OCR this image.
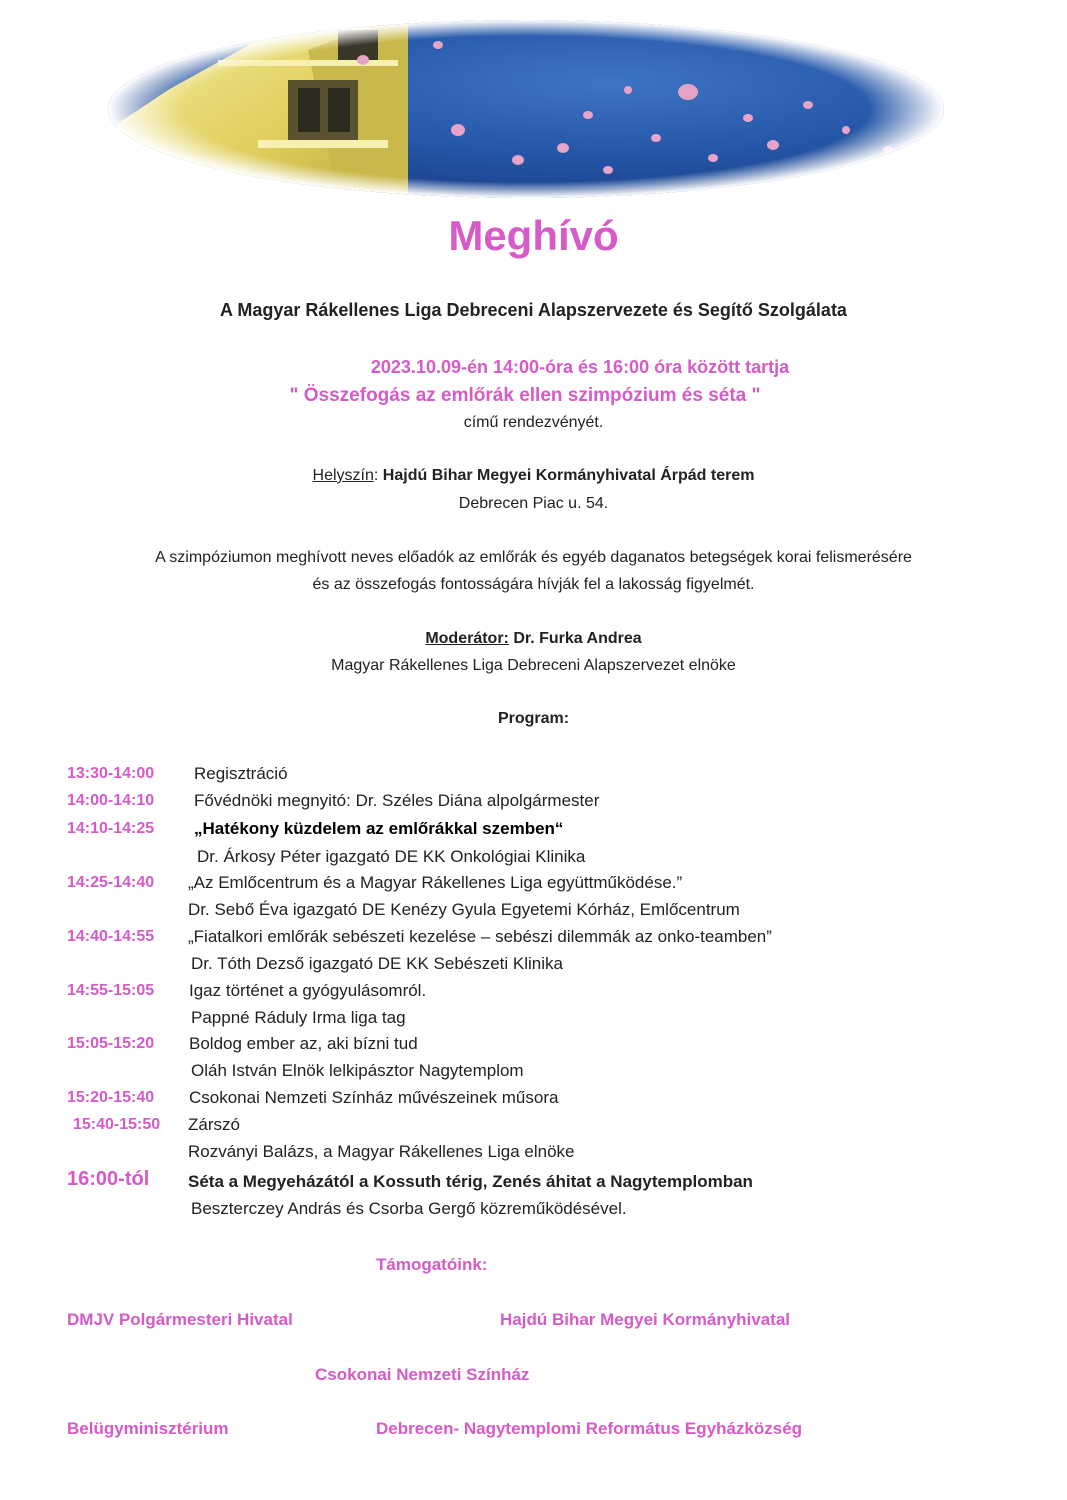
Meghívó
A Magyar Rákellenes Liga Debreceni Alapszervezete és Segítő Szolgálata
2023.10.09-én 14:00-óra és 16:00 óra között tartja
" Összefogás az emlőrák ellen szimpózium és séta "
című rendezvényét.
Helyszín: Hajdú Bihar Megyei Kormányhivatal Árpád terem
Debrecen Piac u. 54.
A szimpóziumon meghívott neves előadók az emlőrák és egyéb daganatos betegségek korai felismerésére
és az összefogás fontosságára hívják fel a lakosság figyelmét.
Moderátor: Dr. Furka Andrea
Magyar Rákellenes Liga Debreceni Alapszervezet elnöke
Program:
13:30-14:00 Regisztráció
14:00-14:10 Fővédnöki megnyitó: Dr. Széles Diána alpolgármester
14:10-14:25 „Hatékony küzdelem az emlőrákkal szemben“
Dr. Árkosy Péter igazgató DE KK Onkológiai Klinika
14:25-14:40 „Az Emlőcentrum és a Magyar Rákellenes Liga együttműködése.”
Dr. Sebő Éva igazgató DE Kenézy Gyula Egyetemi Kórház, Emlőcentrum
14:40-14:55 „Fiatalkori emlőrák sebészeti kezelése – sebészi dilemmák az onko-teamben”
Dr. Tóth Dezső igazgató DE KK Sebészeti Klinika
14:55-15:05 Igaz történet a gyógyulásomról.
Pappné Ráduly Irma liga tag
15:05-15:20 Boldog ember az, aki bízni tud
Oláh István Elnök lelkipásztor Nagytemplom
15:20-15:40 Csokonai Nemzeti Színház művészeinek műsora
15:40-15:50 Zárszó
Rozványi Balázs, a Magyar Rákellenes Liga elnöke
16:00-tól Séta a Megyeházától a Kossuth térig, Zenés áhitat a Nagytemplomban
Beszterczey András és Csorba Gergő közreműködésével.
Támogatóink:
DMJV Polgármesteri Hivatal	Hajdú Bihar Megyei Kormányhivatal
Csokonai Nemzeti Színház
Belügyminisztérium	Debrecen- Nagytemplomi Református Egyházközség
